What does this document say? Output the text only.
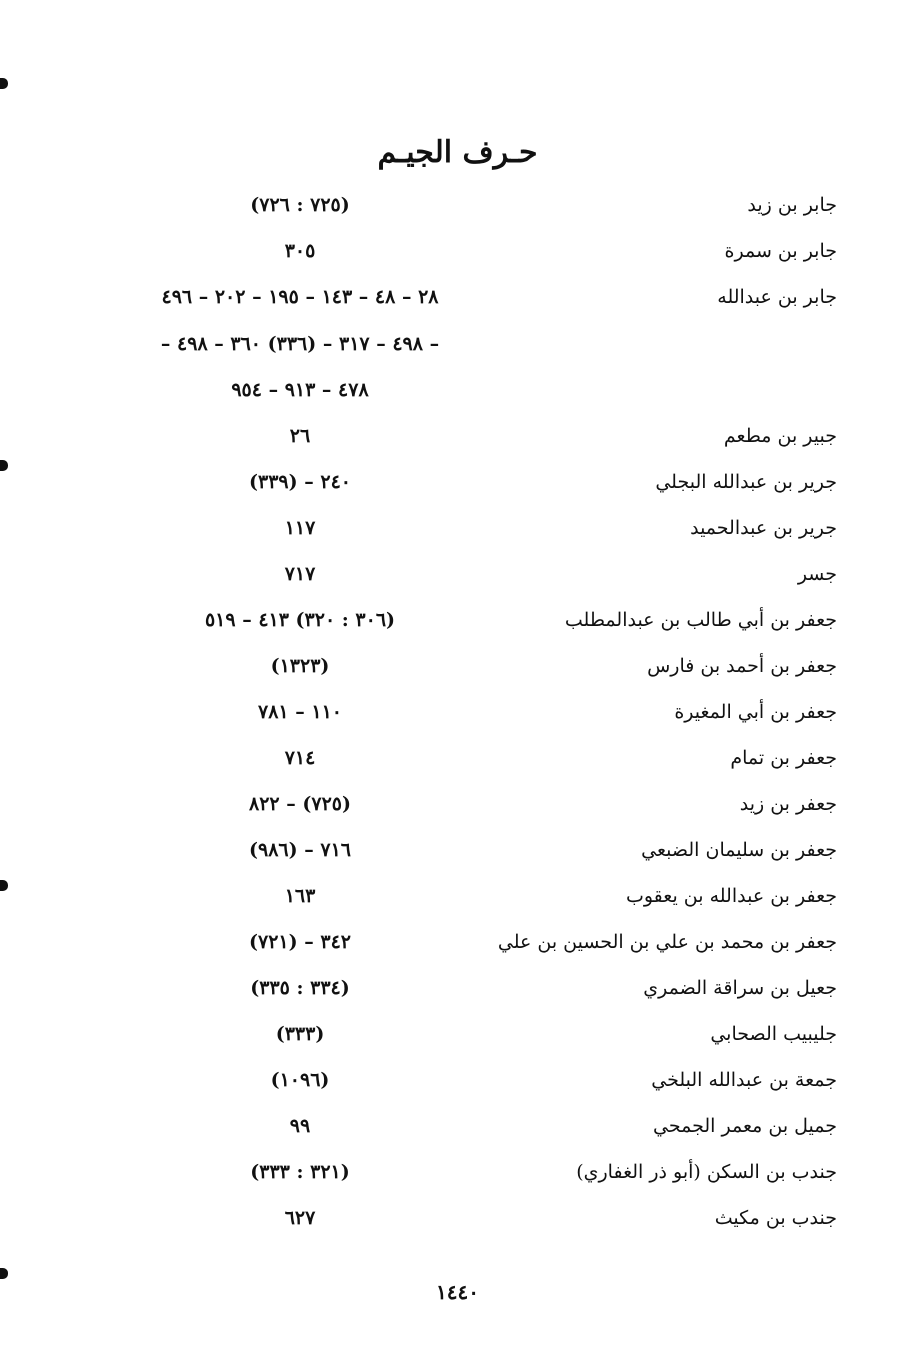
حـرف الجيـم
جابر بن زيد
(٧٢٥ : ٧٢٦)
جابر بن سمرة
٣٠٥
جابر بن عبدالله
٢٨ – ٤٨ – ١٤٣ – ١٩٥ – ٢٠٢ – ٤٩٦
– ٤٩٨ – ٣١٧ – (٣٣٦) ٣٦٠ – ٤٩٨ –
٤٧٨ – ٩١٣ – ٩٥٤
جبير بن مطعم
٢٦
جرير بن عبدالله البجلي
٢٤٠ – (٣٣٩)
جرير بن عبدالحميد
١١٧
جسر
٧١٧
جعفر بن أبي طالب بن عبدالمطلب
(٣٠٦ : ٣٢٠) ٤١٣ – ٥١٩
جعفر بن أحمد بن فارس
(١٣٢٣)
جعفر بن أبي المغيرة
١١٠ – ٧٨١
جعفر بن تمام
٧١٤
جعفر بن زيد
(٧٢٥) – ٨٢٢
جعفر بن سليمان الضبعي
٧١٦ – (٩٨٦)
جعفر بن عبدالله بن يعقوب
١٦٣
جعفر بن محمد بن علي بن الحسين بن علي
٣٤٢ – (٧٢١)
جعيل بن سراقة الضمري
(٣٣٤ : ٣٣٥)
جليبيب الصحابي
(٣٣٣)
جمعة بن عبدالله البلخي
(١٠٩٦)
جميل بن معمر الجمحي
٩٩
جندب بن السكن (أبو ذر الغفاري)
(٣٢١ : ٣٣٣)
جندب بن مكيث
٦٢٧
١٤٤٠
